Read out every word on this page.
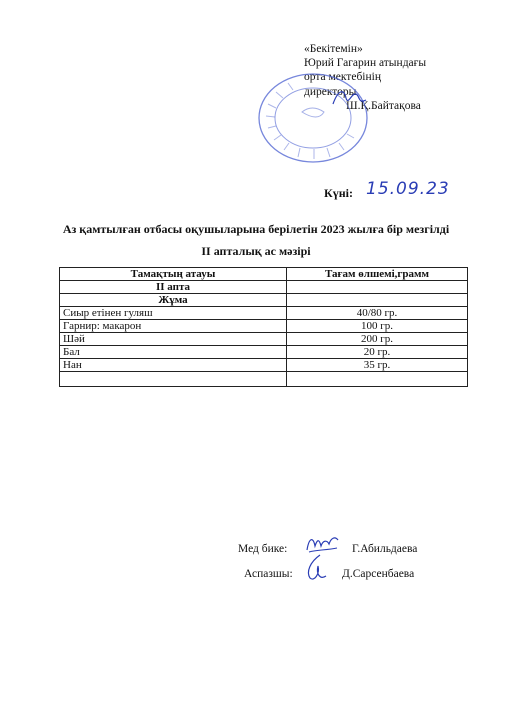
«Бекітемін»
Юрий Гагарин атындағы
орта мектебінің
директоры
Ш.Қ.Байтақова
Күні: 15.09.23
Аз қамтылған отбасы оқушыларына берілетін 2023 жылға бір мезгілді
ІІ апталық ас мәзірі
Тамақтың атауы	Тағам өлшемі,грамм
ІІ апта	
Жұма	
Сиыр етінен гуляш	40/80 гр.
Гарнир: макарон	100 гр.
Шәй	200 гр.
Бал	20 гр.
Нан	35 гр.

Мед бике:	Г.Абильдаева
Аспазшы:	Д.Сарсенбаева
